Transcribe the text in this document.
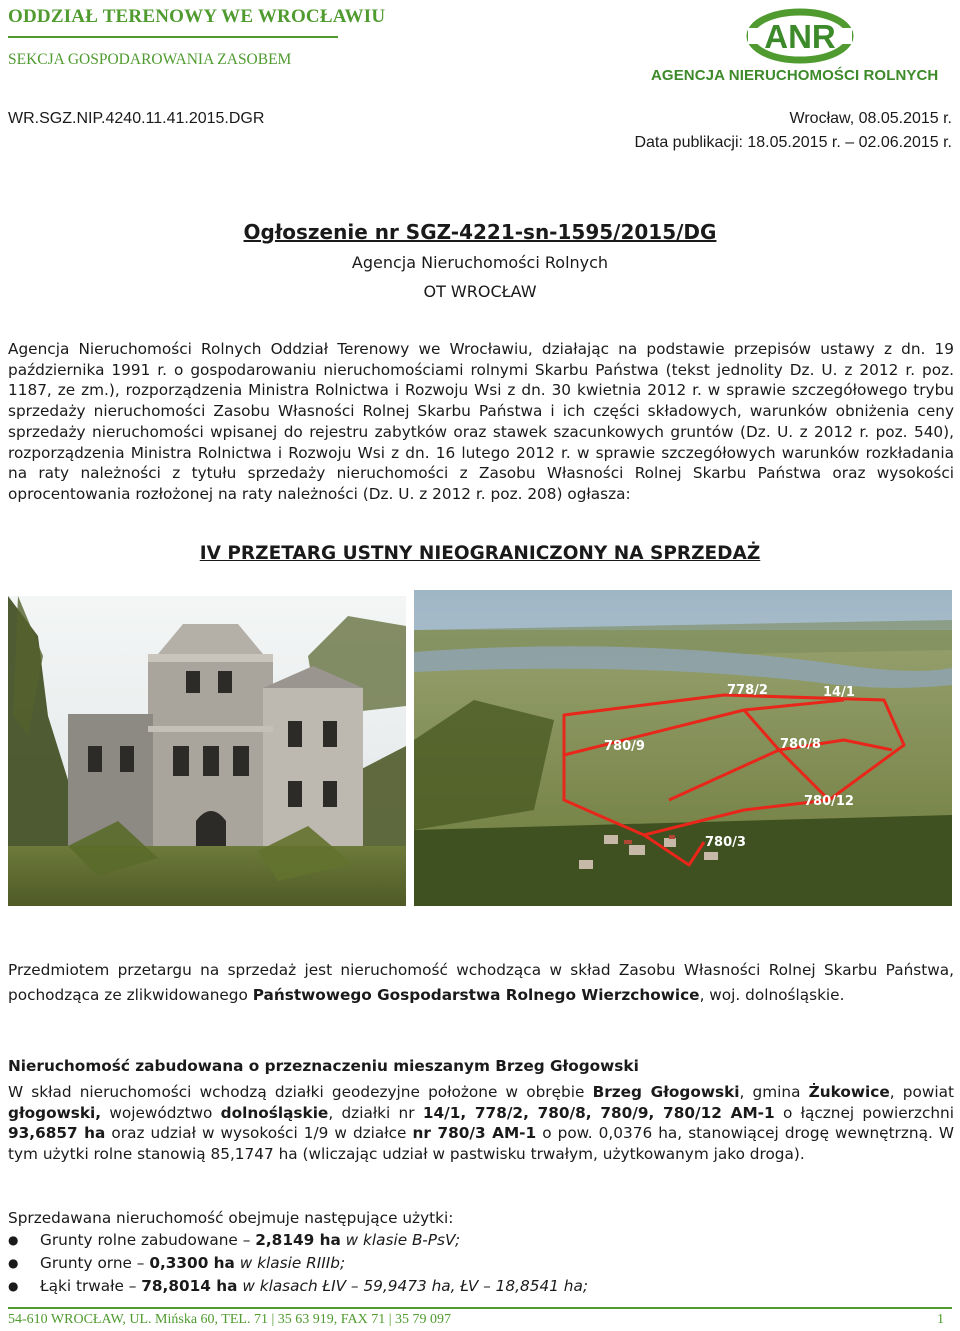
ODDZIAŁ TERENOWY WE WROCŁAWIU
SEKCJA GOSPODAROWANIA ZASOBEM
ANR
AGENCJA NIERUCHOMOŚCI ROLNYCH
WR.SGZ.NIP.4240.11.41.2015.DGR	Wrocław, 08.05.2015 r.
Data publikacji: 18.05.2015 r. – 02.06.2015 r.
Ogłoszenie nr SGZ-4221-sn-1595/2015/DG
Agencja Nieruchomości Rolnych
OT WROCŁAW
Agencja Nieruchomości Rolnych Oddział Terenowy we Wrocławiu, działając na podstawie przepisów ustawy z dn. 19 października 1991 r. o gospodarowaniu nieruchomościami rolnymi Skarbu Państwa (tekst jednolity Dz. U. z 2012 r. poz. 1187, ze zm.), rozporządzenia Ministra Rolnictwa i Rozwoju Wsi z dn. 30 kwietnia 2012 r. w sprawie szczegółowego trybu sprzedaży nieruchomości Zasobu Własności Rolnej Skarbu Państwa i ich części składowych, warunków obniżenia ceny sprzedaży nieruchomości wpisanej do rejestru zabytków oraz stawek szacunkowych gruntów (Dz. U. z 2012 r. poz. 540), rozporządzenia Ministra Rolnictwa i Rozwoju Wsi z dn. 16 lutego 2012 r. w sprawie szczegółowych warunków rozkładania na raty należności z tytułu sprzedaży nieruchomości z Zasobu Własności Rolnej Skarbu Państwa oraz wysokości oprocentowania rozłożonej na raty należności (Dz. U. z 2012 r. poz. 208) ogłasza:
IV PRZETARG USTNY NIEOGRANICZONY NA SPRZEDAŻ
778/2	14/1
780/9	780/8
780/12
780/3
Przedmiotem przetargu na sprzedaż jest nieruchomość wchodząca w skład Zasobu Własności Rolnej Skarbu Państwa, pochodząca ze zlikwidowanego Państwowego Gospodarstwa Rolnego Wierzchowice, woj. dolnośląskie.
Nieruchomość zabudowana o przeznaczeniu mieszanym Brzeg Głogowski
W skład nieruchomości wchodzą działki geodezyjne położone w obrębie Brzeg Głogowski, gmina Żukowice, powiat głogowski, województwo dolnośląskie, działki nr 14/1, 778/2, 780/8, 780/9, 780/12 AM-1 o łącznej powierzchni 93,6857 ha oraz udział w wysokości 1/9 w działce nr 780/3 AM-1 o pow. 0,0376 ha, stanowiącej drogę wewnętrzną. W tym użytki rolne stanowią 85,1747 ha (wliczając udział w pastwisku trwałym, użytkowanym jako droga).
Sprzedawana nieruchomość obejmuje następujące użytki:
● Grunty rolne zabudowane – 2,8149 ha w klasie B-PsV;
● Grunty orne – 0,3300 ha w klasie RIIIb;
● Łąki trwałe – 78,8014 ha w klasach ŁIV – 59,9473 ha, ŁV – 18,8541 ha;
54-610 WROCŁAW, UL. Mińska 60, TEL. 71 | 35 63 919, FAX 71 | 35 79 097	1
